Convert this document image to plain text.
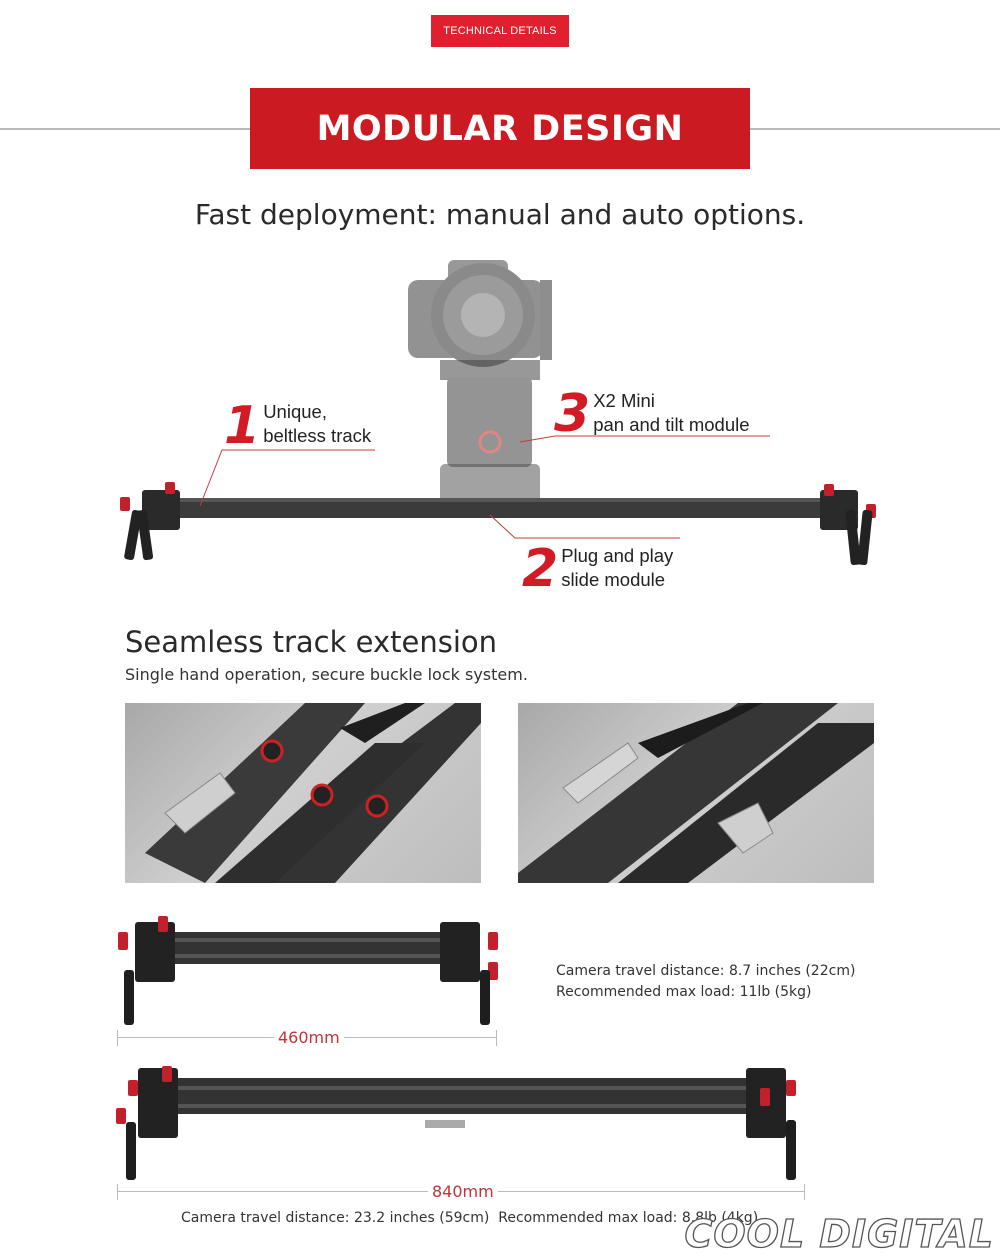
TECHNICAL DETAILS
MODULAR DESIGN
Fast deployment: manual and auto options.
1 Unique,
beltless track
2 Plug and play
slide module
3 X2 Mini
pan and tilt module
Seamless track extension
Single hand operation, secure buckle lock system.
460mm
Camera travel distance: 8.7 inches (22cm)
Recommended max load: 11lb (5kg)
840mm
Camera travel distance: 23.2 inches (59cm)  Recommended max load: 8.8lb (4kg)
COOL DIGITAL
